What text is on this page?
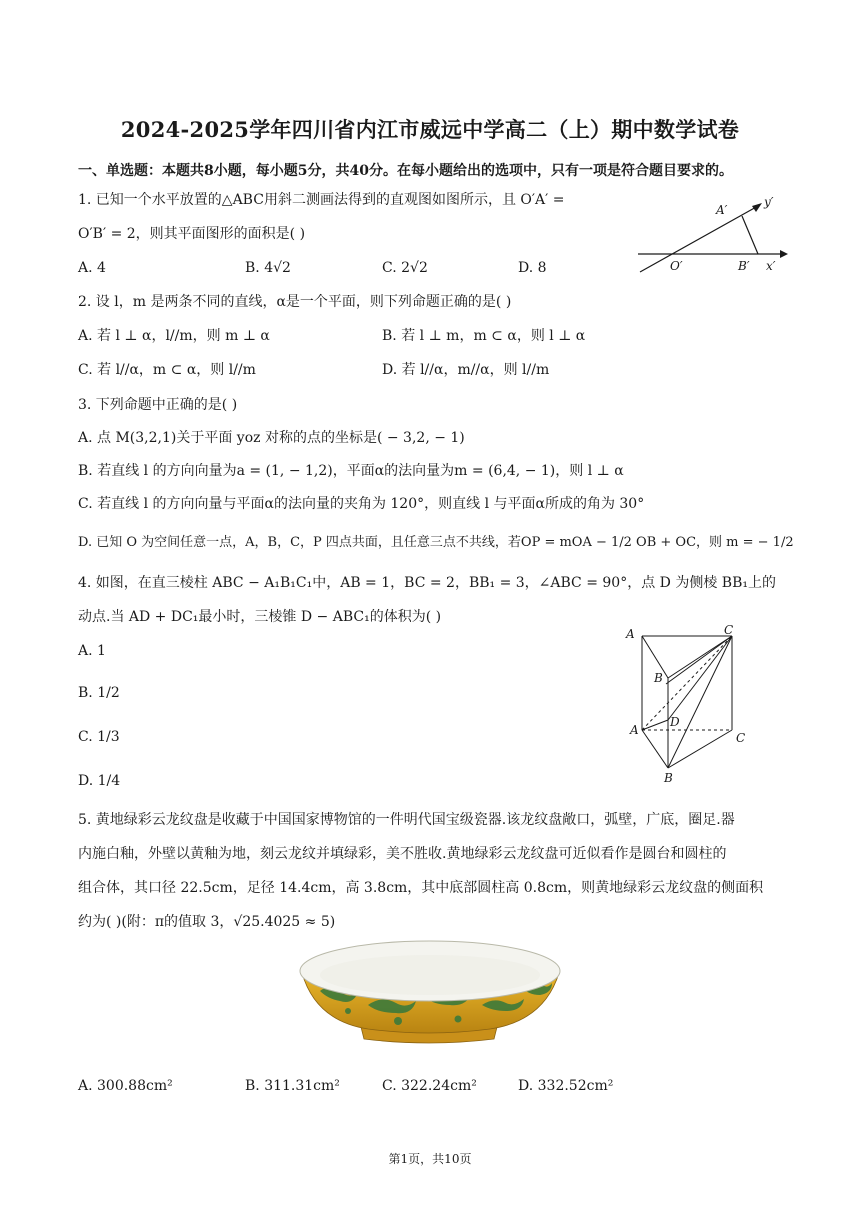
2024-2025学年四川省内江市威远中学高二（上）期中数学试卷
一、单选题：本题共8小题，每小题5分，共40分。在每小题给出的选项中，只有一项是符合题目要求的。
1. 已知一个水平放置的△ABC用斜二测画法得到的直观图如图所示，且 O′A′ =
O′B′ = 2，则其平面图形的面积是( )
A. 4	B. 4√2	C. 2√2	D. 8
A′
y′
O′	B′ x′
2. 设 l，m 是两条不同的直线，α是一个平面，则下列命题正确的是( )
A. 若 l ⊥ α，l//m，则 m ⊥ α	B. 若 l ⊥ m，m ⊂ α，则 l ⊥ α
C. 若 l//α，m ⊂ α，则 l//m	D. 若 l//α，m//α，则 l//m
3. 下列命题中正确的是( )
A. 点 M(3,2,1)关于平面 yoz 对称的点的坐标是( − 3,2, − 1)
B. 若直线 l 的方向向量为a = (1, − 1,2)，平面α的法向量为m = (6,4, − 1)，则 l ⊥ α
C. 若直线 l 的方向向量与平面α的法向量的夹角为 120°，则直线 l 与平面α所成的角为 30°
D. 已知 O 为空间任意一点，A，B，C，P 四点共面，且任意三点不共线，若OP = mOA − 1/2 OB + OC，则 m = − 1/2
4. 如图，在直三棱柱 ABC − A₁B₁C₁中，AB = 1，BC = 2，BB₁ = 3，∠ABC = 90°，点 D 为侧棱 BB₁上的
动点.当 AD + DC₁最小时，三棱锥 D − ABC₁的体积为( )
A. 1
B. 1/2
C. 1/3
D. 1/4
A	C
B
D
A
C
B
5. 黄地绿彩云龙纹盘是收藏于中国国家博物馆的一件明代国宝级瓷器.该龙纹盘敞口，弧壁，广底，圈足.器
内施白釉，外壁以黄釉为地，刻云龙纹并填绿彩，美不胜收.黄地绿彩云龙纹盘可近似看作是圆台和圆柱的
组合体，其口径 22.5cm，足径 14.4cm，高 3.8cm，其中底部圆柱高 0.8cm，则黄地绿彩云龙纹盘的侧面积
约为( )(附：π的值取 3，√25.4025 ≈ 5)
A. 300.88cm²	B. 311.31cm²	C. 322.24cm²	D. 332.52cm²
第1页，共10页
